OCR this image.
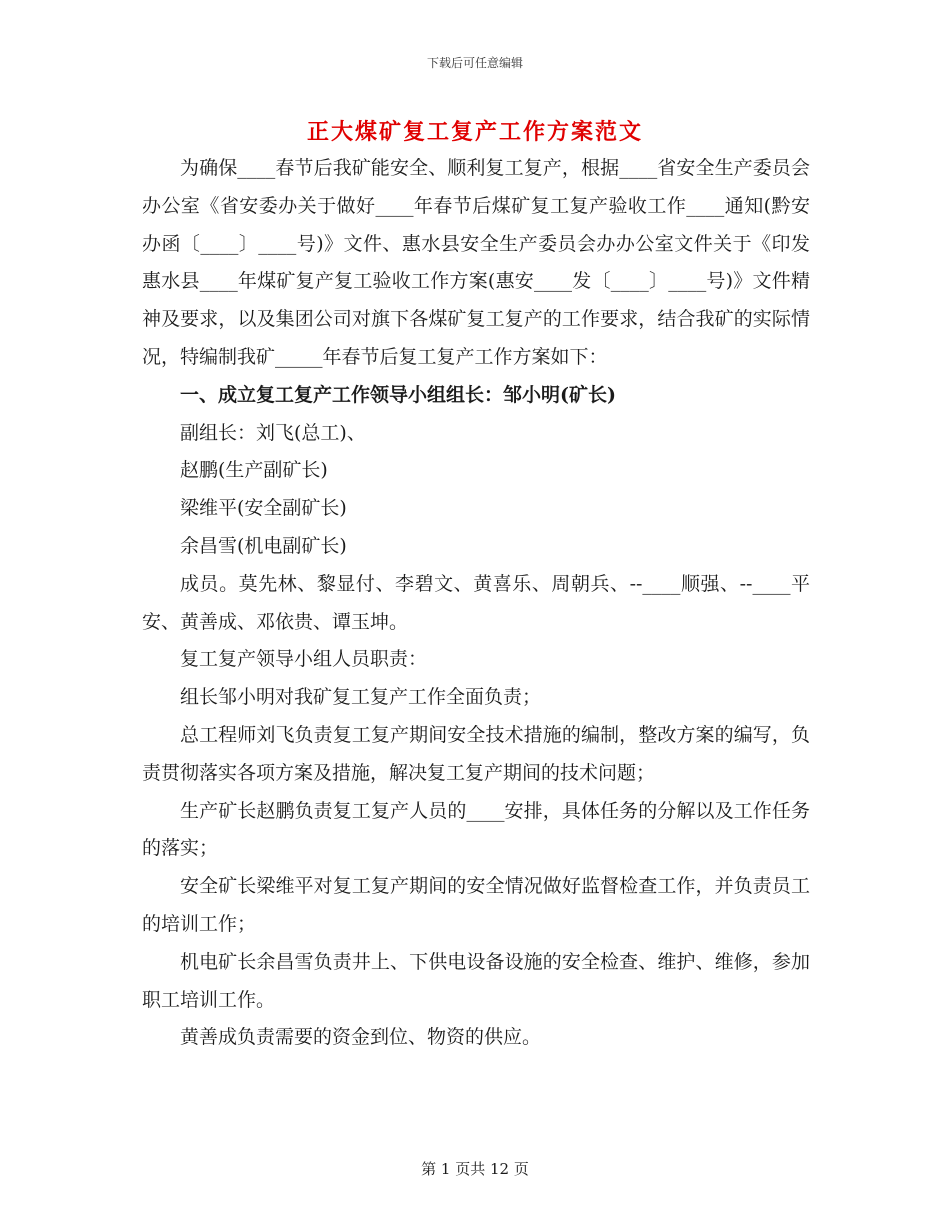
下载后可任意编辑
正大煤矿复工复产工作方案范文

为确保____春节后我矿能安全、顺利复工复产，根据____省安全生产委员会办公室《省安委办关于做好____年春节后煤矿复工复产验收工作____通知(黔安办函〔____〕____号)》文件、惠水县安全生产委员会办办公室文件关于《印发惠水县____年煤矿复产复工验收工作方案(惠安____发〔____〕____号)》文件精神及要求，以及集团公司对旗下各煤矿复工复产的工作要求，结合我矿的实际情况，特编制我矿_____年春节后复工复产工作方案如下：

一、成立复工复产工作领导小组组长：邹小明(矿长)

副组长：刘飞(总工)、

赵鹏(生产副矿长)

梁维平(安全副矿长)

余昌雪(机电副矿长)

成员。莫先林、黎显付、李碧文、黄喜乐、周朝兵、--____顺强、--____平安、黄善成、邓依贵、谭玉坤。

复工复产领导小组人员职责：

组长邹小明对我矿复工复产工作全面负责；

总工程师刘飞负责复工复产期间安全技术措施的编制，整改方案的编写，负责贯彻落实各项方案及措施，解决复工复产期间的技术问题；

生产矿长赵鹏负责复工复产人员的____安排，具体任务的分解以及工作任务的落实；

安全矿长梁维平对复工复产期间的安全情况做好监督检查工作，并负责员工的培训工作；

机电矿长余昌雪负责井上、下供电设备设施的安全检查、维护、维修，参加职工培训工作。

黄善成负责需要的资金到位、物资的供应。

第 1 页共 12 页
